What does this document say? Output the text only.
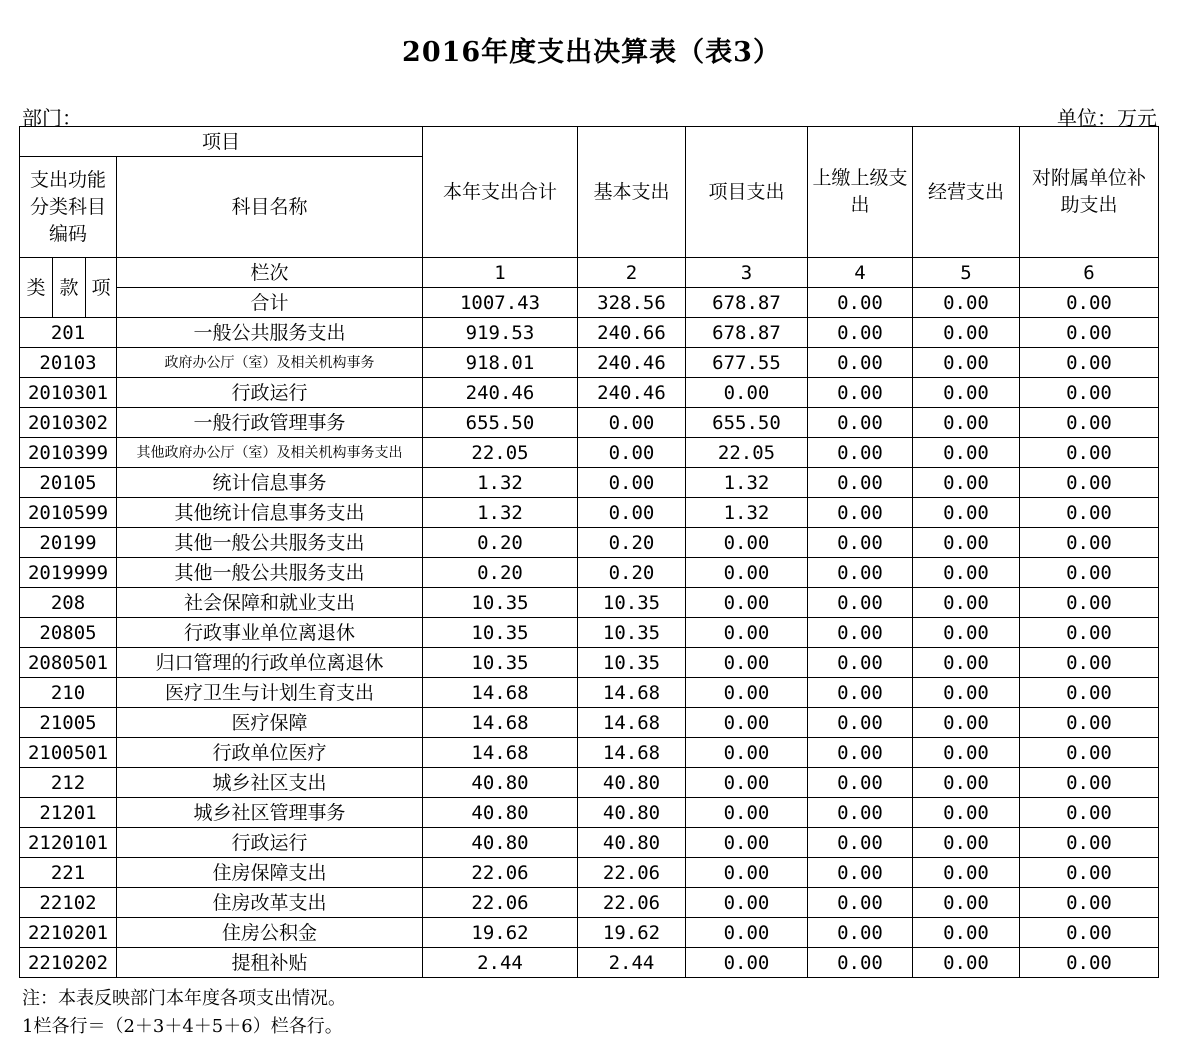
2016年度支出决算表（表3）
部门：	单位：万元
项目				本年支出合计	基本支出	项目支出	上缴上级支出	经营支出	对附属单位补助支出
支出功能分类科目编码			科目名称						
类	款	项	栏次	1	2	3	4	5	6
			合计	1007.43	328.56	678.87	0.00	0.00	0.00
201			一般公共服务支出	919.53	240.66	678.87	0.00	0.00	0.00
20103			政府办公厅（室）及相关机构事务	918.01	240.46	677.55	0.00	0.00	0.00
2010301			行政运行	240.46	240.46	0.00	0.00	0.00	0.00
2010302			一般行政管理事务	655.50	0.00	655.50	0.00	0.00	0.00
2010399			其他政府办公厅（室）及相关机构事务支出	22.05	0.00	22.05	0.00	0.00	0.00
20105			统计信息事务	1.32	0.00	1.32	0.00	0.00	0.00
2010599			其他统计信息事务支出	1.32	0.00	1.32	0.00	0.00	0.00
20199			其他一般公共服务支出	0.20	0.20	0.00	0.00	0.00	0.00
2019999			其他一般公共服务支出	0.20	0.20	0.00	0.00	0.00	0.00
208			社会保障和就业支出	10.35	10.35	0.00	0.00	0.00	0.00
20805			行政事业单位离退休	10.35	10.35	0.00	0.00	0.00	0.00
2080501			归口管理的行政单位离退休	10.35	10.35	0.00	0.00	0.00	0.00
210			医疗卫生与计划生育支出	14.68	14.68	0.00	0.00	0.00	0.00
21005			医疗保障	14.68	14.68	0.00	0.00	0.00	0.00
2100501			行政单位医疗	14.68	14.68	0.00	0.00	0.00	0.00
212			城乡社区支出	40.80	40.80	0.00	0.00	0.00	0.00
21201			城乡社区管理事务	40.80	40.80	0.00	0.00	0.00	0.00
2120101			行政运行	40.80	40.80	0.00	0.00	0.00	0.00
221			住房保障支出	22.06	22.06	0.00	0.00	0.00	0.00
22102			住房改革支出	22.06	22.06	0.00	0.00	0.00	0.00
2210201			住房公积金	19.62	19.62	0.00	0.00	0.00	0.00
2210202			提租补贴	2.44	2.44	0.00	0.00	0.00	0.00
注：本表反映部门本年度各项支出情况。
1栏各行＝（2＋3＋4＋5＋6）栏各行。
